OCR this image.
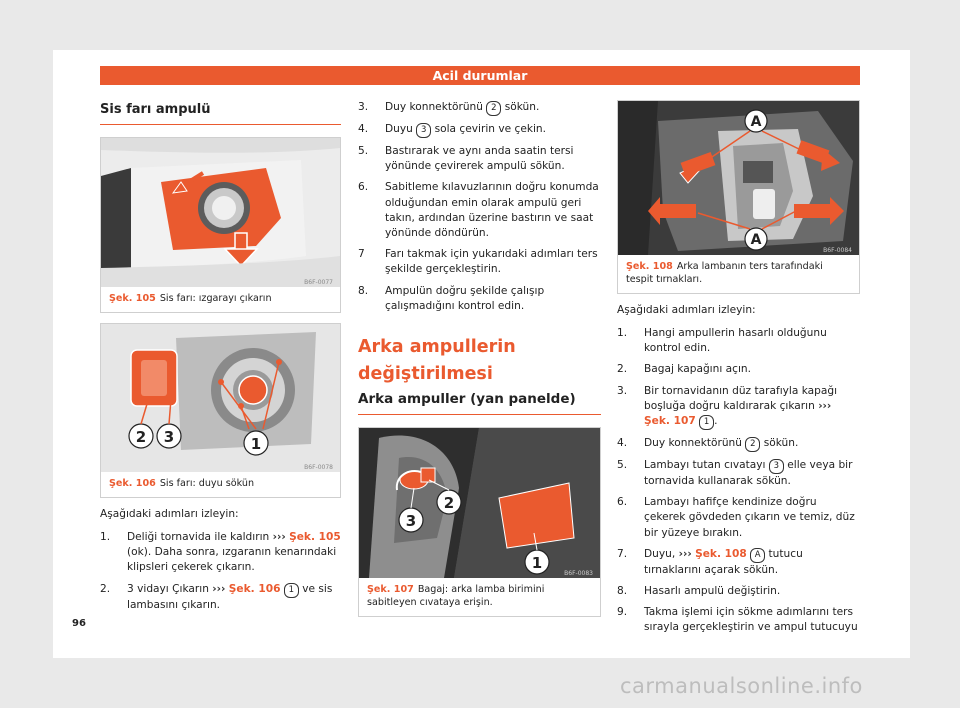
Acil durumlar
Sis farı ampulü
B6F-0077
Şek. 105 Sis farı: ızgarayı çıkarın
2 3	1
B6F-0078
Şek. 106 Sis farı: duyu sökün
Aşağıdaki adımları izleyin:
1. Deliği tornavida ile kaldırın ››› Şek. 105 (ok). Daha sonra, ızgaranın kenarındaki klipsleri çekerek çıkarın.
2. 3 vidayı Çıkarın ››› Şek. 106 1 ve sis lambasını çıkarın.
3. Duy konnektörünü 2 sökün.
4. Duyu 3 sola çevirin ve çekin.
5. Bastırarak ve aynı anda saatin tersi yönünde çevirerek ampulü sökün.
6. Sabitleme kılavuzlarının doğru konumda olduğundan emin olarak ampulü geri takın, ardından üzerine bastırın ve saat yönünde döndürün.
7 Farı takmak için yukarıdaki adımları ters şekilde gerçekleştirin.
8. Ampulün doğru şekilde çalışıp çalışmadığını kontrol edin.
Arka ampullerin değiştirilmesi
Arka ampuller (yan panelde)
2
3
1
B6F-0083
Şek. 107 Bagaj: arka lamba birimini sabitleyen cıvataya erişin.
A
A
B6F-0084
Şek. 108 Arka lambanın ters tarafındaki tespit tırnakları.
Aşağıdaki adımları izleyin:
1. Hangi ampullerin hasarlı olduğunu kontrol edin.
2. Bagaj kapağını açın.
3. Bir tornavidanın düz tarafıyla kapağı boşluğa doğru kaldırarak çıkarın ››› Şek. 107 1 .
4. Duy konnektörünü 2 sökün.
5. Lambayı tutan cıvatayı 3 elle veya bir tornavida kullanarak sökün.
6. Lambayı hafifçe kendinize doğru çekerek gövdeden çıkarın ve temiz, düz bir yüzeye bırakın.
7. Duyu, ››› Şek. 108 A tutucu tırnaklarını açarak sökün.
8. Hasarlı ampulü değiştirin.
9. Takma işlemi için sökme adımlarını ters sırayla gerçekleştirin ve ampul tutucuyu
96
carmanualsonline.info
